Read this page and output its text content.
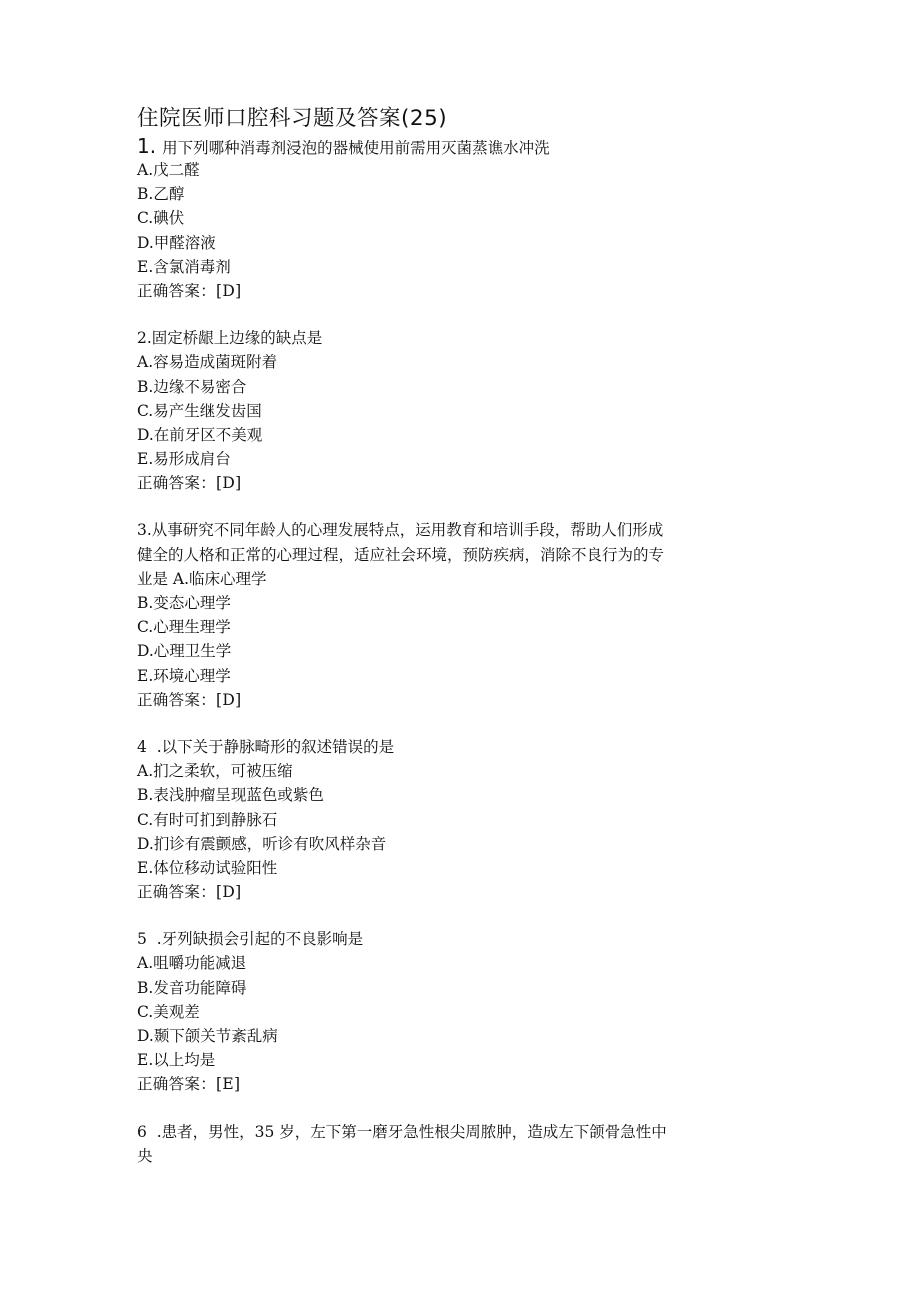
住院医师口腔科习题及答案(25)
1. 用下列哪种消毒剂浸泡的器械使用前需用灭菌蒸谯水冲洗
A.戊二醛
B.乙醇
C.碘伏
D.甲醛溶液
E.含氯消毒剂
正确答案：[D]
2.固定桥龈上边缘的缺点是
A.容易造成菌斑附着
B.边缘不易密合
C.易产生继发齿国
D.在前牙区不美观
E.易形成肩台
正确答案：[D]
3.从事研究不同年龄人的心理发展特点，运用教育和培训手段，帮助人们形成
健全的人格和正常的心理过程，适应社会环境，预防疾病，消除不良行为的专
业是 A.临床心理学
B.变态心理学
C.心理生理学
D.心理卫生学
E.环境心理学
正确答案：[D]
4  .以下关于静脉畸形的叙述错误的是
A.扪之柔软，可被压缩
B.表浅肿瘤呈现蓝色或紫色
C.有时可扪到静脉石
D.扪诊有震颤感，听诊有吹风样杂音
E.体位移动试验阳性
正确答案：[D]
5  .牙列缺损会引起的不良影响是
A.咀嚼功能减退
B.发音功能障碍
C.美观差
D.颞下颌关节紊乱病
E.以上均是
正确答案：[E]
6  .患者，男性，35 岁，左下第一磨牙急性根尖周脓肿，造成左下颌骨急性中
央
